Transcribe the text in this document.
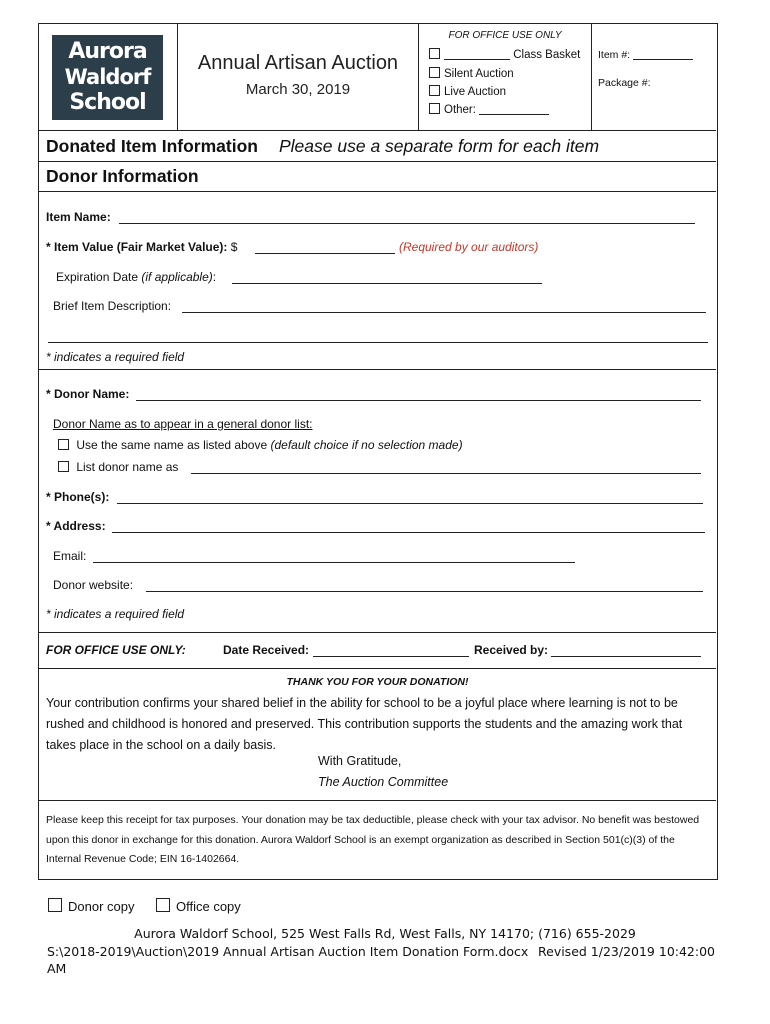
Aurora
Waldorf
School
Annual Artisan Auction
March 30, 2019
FOR OFFICE USE ONLY
Class Basket
Silent Auction
Live Auction
Other:
Item #:
Package #:
Donated Item Information Please use a separate form for each item
Donor Information
Item Name:
* Item Value (Fair Market Value): $	(Required by our auditors)
Expiration Date (if applicable):
Brief Item Description:
* indicates a required field
* Donor Name:
Donor Name as to appear in a general donor list:
Use the same name as listed above (default choice if no selection made)
List donor name as
* Phone(s):
* Address:
Email:
Donor website:
* indicates a required field
FOR OFFICE USE ONLY:	Date Received:	Received by:
THANK YOU FOR YOUR DONATION!
Your contribution confirms your shared belief in the ability for school to be a joyful place where learning is not to be rushed and childhood is honored and preserved. This contribution supports the students and the amazing work that takes place in the school on a daily basis.
With Gratitude,
The Auction Committee
Please keep this receipt for tax purposes. Your donation may be tax deductible, please check with your tax advisor. No benefit was bestowed upon this donor in exchange for this donation. Aurora Waldorf School is an exempt organization as described in Section 501(c)(3) of the Internal Revenue Code; EIN 16-1402664.
Donor copy	Office copy
Aurora Waldorf School, 525 West Falls Rd, West Falls, NY 14170; (716) 655-2029
S:\2018-2019\Auction\2019 Annual Artisan Auction Item Donation Form.docx Revised 1/23/2019 10:42:00
AM
